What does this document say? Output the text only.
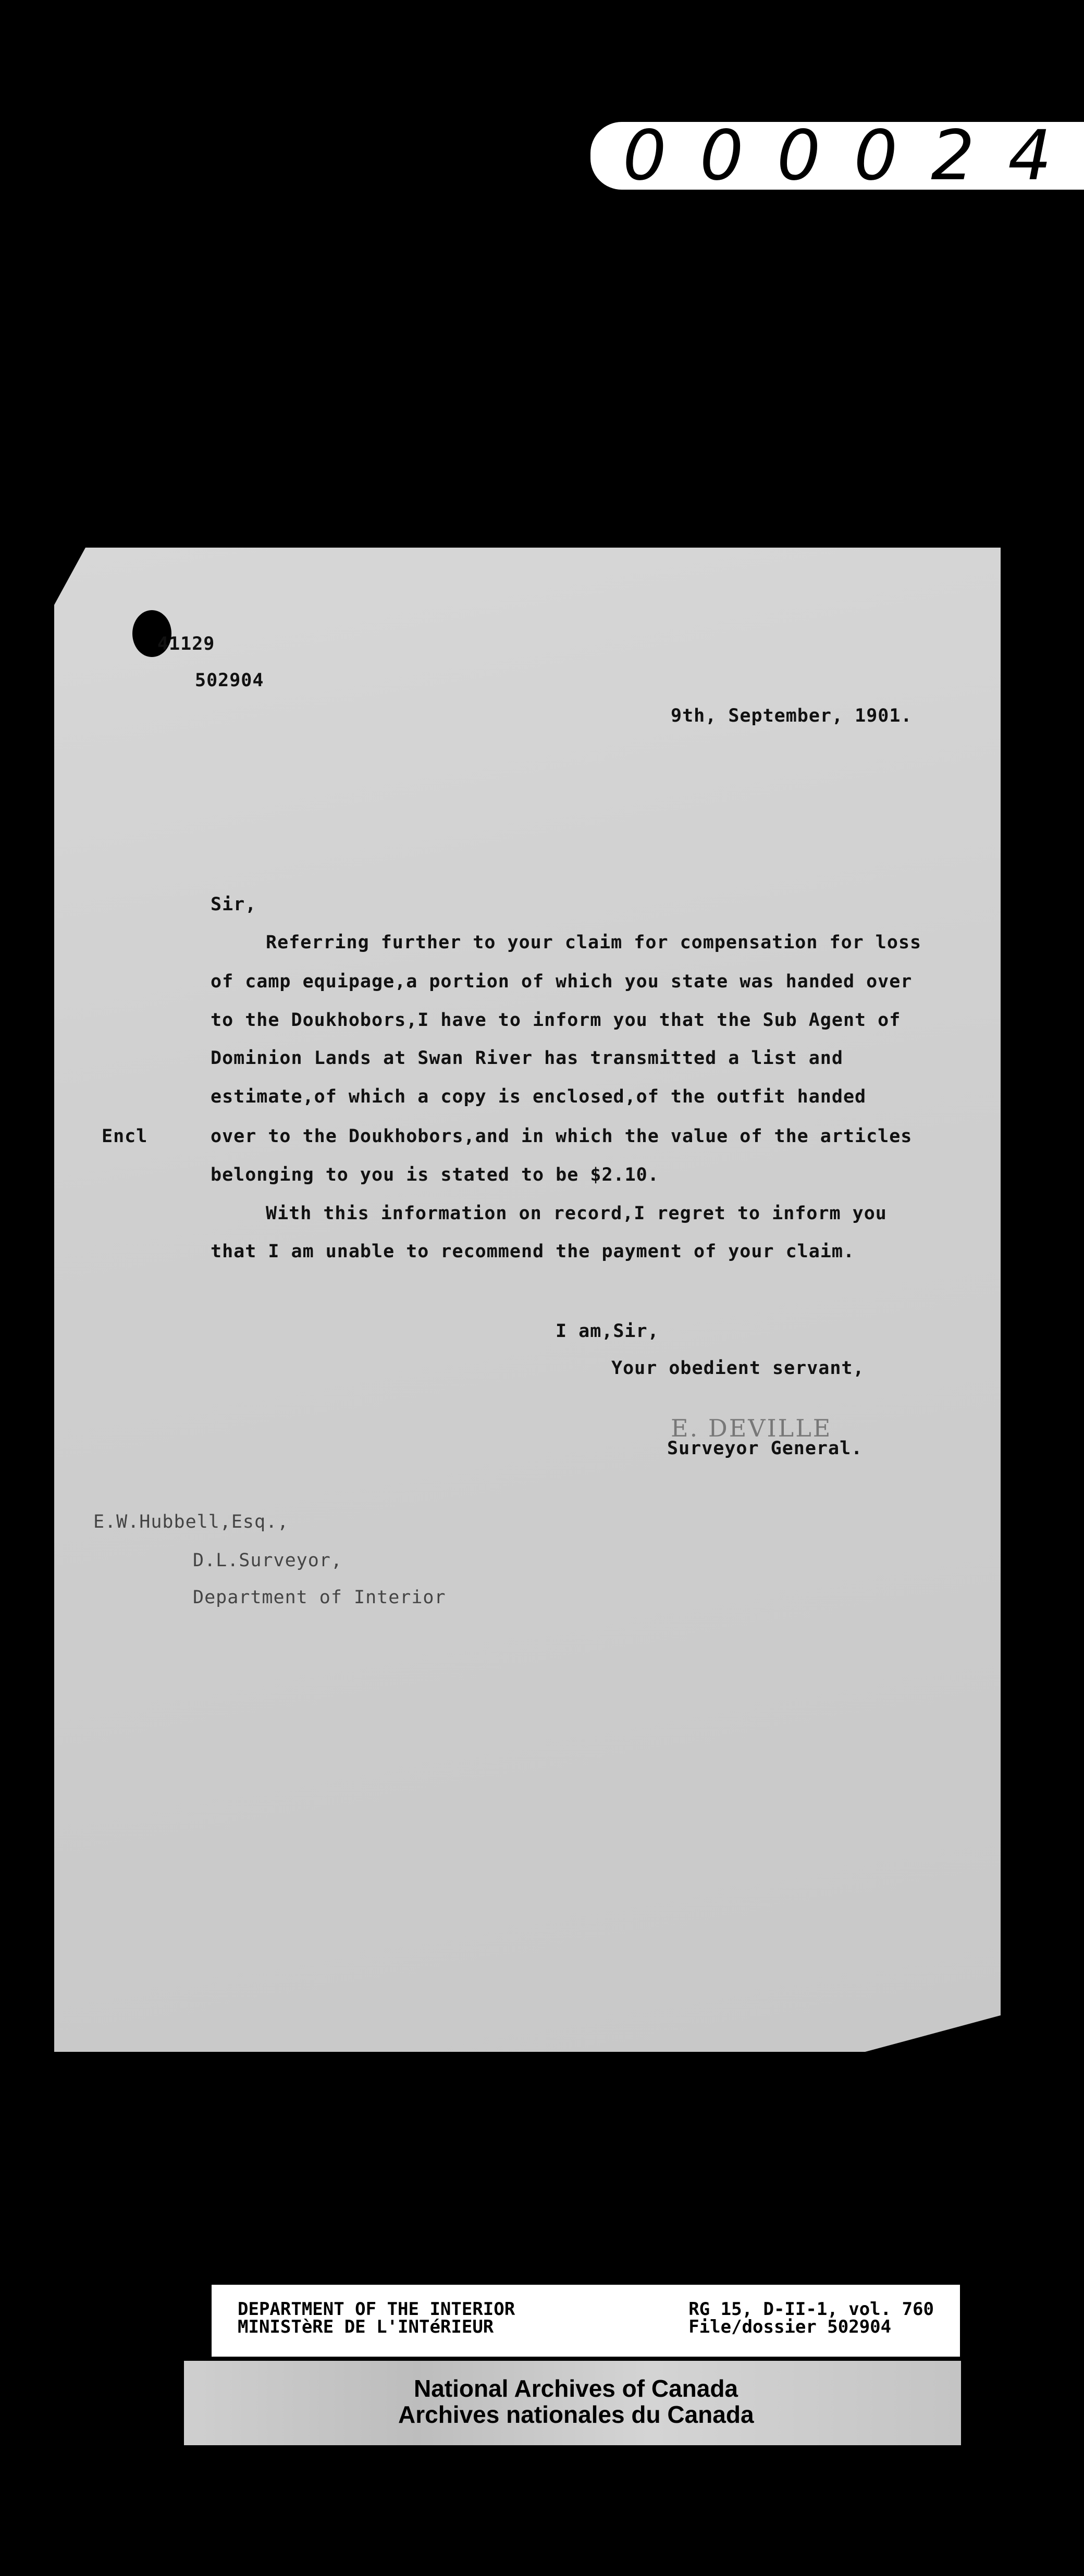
0 0 0 0 2 4
41129
502904
9th, September, 1901.
Sir,
Referring further to your claim for compensation for loss
of camp equipage,a portion of which you state was handed over
to the Doukhobors,I have to inform you that the Sub Agent of
Dominion Lands at Swan River has transmitted a list and
estimate,of which a copy is enclosed,of the outfit handed
Encl	over to the Doukhobors,and in which the value of the articles
belonging to you is stated to be $2.10.
With this information on record,I regret to inform you
that I am unable to recommend the payment of your claim.
I am,Sir,
Your obedient servant,
E. DEVILLE
Surveyor General.
E.W.Hubbell,Esq.,
D.L.Surveyor,
Department of Interior
DEPARTMENT OF THE INTERIOR
MINISTèRE DE L'INTéRIEUR
RG 15, D-II-1, vol. 760
File/dossier 502904
National Archives of Canada
Archives nationales du Canada
